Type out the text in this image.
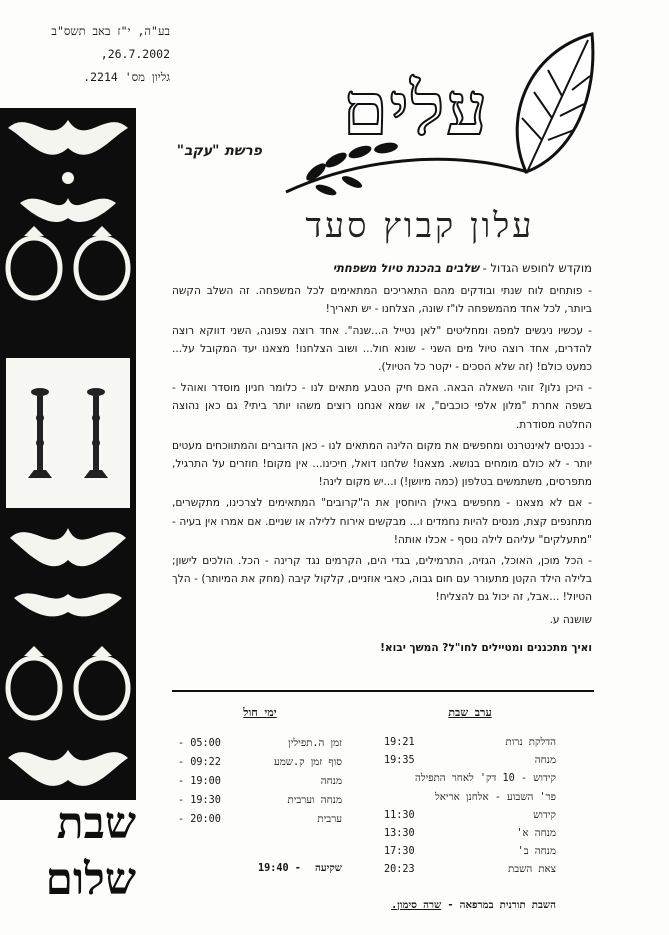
בע"ה, י"ז באב תשס"ב
26.7.2002,
גליון מס' 2214.
שבת
שלום
פרשת "עקב"	עלים
עלון קבוץ סעד
מוקדש לחופש הגדול - שלבים בהכנת טיול משפחתי

- פותחים לוח שנתי ובודקים מהם התאריכים המתאימים לכל המשפחה. זה השלב הקשה ביותר, לכל אחד מהמשפחה לו"ז שונה, הצלחנו - יש תאריך!

- עכשיו ניגשים למפה ומחליטים "לאן נטייל ה...שנה". אחד רוצה צפונה, השני דווקא רוצה להדרים, אחד רוצה טיול מים השני - שונא חול... ושוב הצלחנו! מצאנו יעד המקובל על... כמעט כולם! (זה שלא הסכים - יקטר כל הטיול).

- היכן נלון? זוהי השאלה הבאה. האם חיק הטבע מתאים לנו - כלומר חניון מוסדר ואוהל - בשפה אחרת "מלון אלפי כוכבים", או שמא אנחנו רוצים משהו יותר ביתי? גם כאן נהוצה החלטה מסודרת.

- נכנסים לאינטרנט ומחפשים את מקום הלינה המתאים לנו - כאן הדוברים והמתווכחים מעטים יותר - לא כולם מומחים בנושא. מצאנו! שלחנו דואל, חיכינו... אין מקום! חוזרים על התרגיל, מתפרסים, משתמשים בטלפון (כמה מיושן!) ו...יש מקום לינה!

- אם לא מצאנו - מחפשים באילן היוחסין את ה"קרובים" המתאימים לצרכינו, מתקשרים, מתחנפים קצת, מנסים להיות נחמדים ו... מבקשים אירוח ללילה או שניים. אם אמרו אין בעיה - "מתעלקים" עליהם לילה נוסף - אכלו אותה!

- הכל מוכן, האוכל, הגזיה, התרמילים, בגדי הים, הקרמים נגד קרינה - הכל. הולכים לישון; בלילה הילד הקטן מתעורר עם חום גבוה, כאבי אוזניים, קלקול קיבה (מחק את המיותר) - הלך הטיול! ...אבל, זה יכול גם להצליח!

שושנה ע.
ואיך מתכננים ומטיילים לחו"ל? המשך יבוא!
ערב שבת
הדלקת נרות
19:21
מנחה
19:35
קידוש - 10 דק' לאחר התפילה
פר' השבוע - אלחנן אריאל
קידוש
11:30
מנחה א'
13:30
מנחה ב'
17:30
צאת השבת
20:23
ימי חול
זמן ה.תפילין
- 05:00
סוף זמן ק.שמע
- 09:22
מנחה
- 19:00
מנחה וערבית
- 19:30
ערבית
- 20:00
שקיעה
- 19:40
השבת תורנית במרפאה - שרה סימון.
